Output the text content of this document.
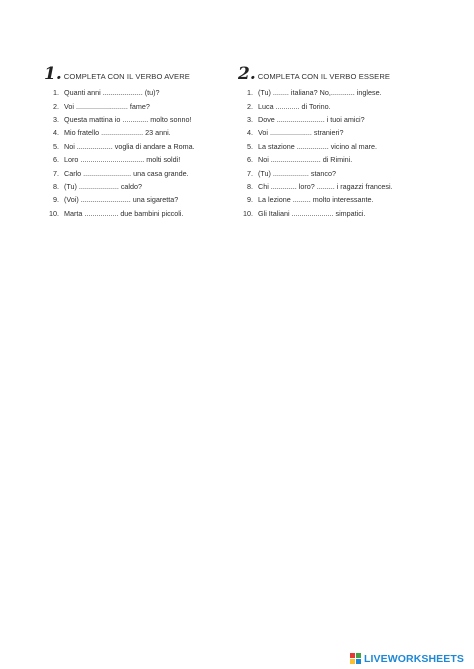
1. COMPLETA CON IL VERBO AVERE
1. Quanti anni .................... (tu)?
2. Voi .......................... fame?
3. Questa mattina io ............. molto sonno!
4. Mio fratello ..................... 23 anni.
5. Noi .................. voglia di andare a Roma.
6. Loro ................................ molti soldi!
7. Carlo ........................ una casa grande.
8. (Tu) .................... caldo?
9. (Voi) ......................... una sigaretta?
10. Marta ................. due bambini piccoli.
2. COMPLETA CON IL VERBO ESSERE
1. (Tu) ........ italiana? No,............ inglese.
2. Luca ............ di Torino.
3. Dove ........................ i tuoi amici?
4. Voi ..................... stranieri?
5. La stazione ................ vicino al mare.
6. Noi ......................... di Rimini.
7. (Tu) .................. stanco?
8. Chi ............. loro? ......... i ragazzi francesi.
9. La lezione ......... molto interessante.
10. Gli Italiani ..................... simpatici.
LIVEWORKSHEETS
